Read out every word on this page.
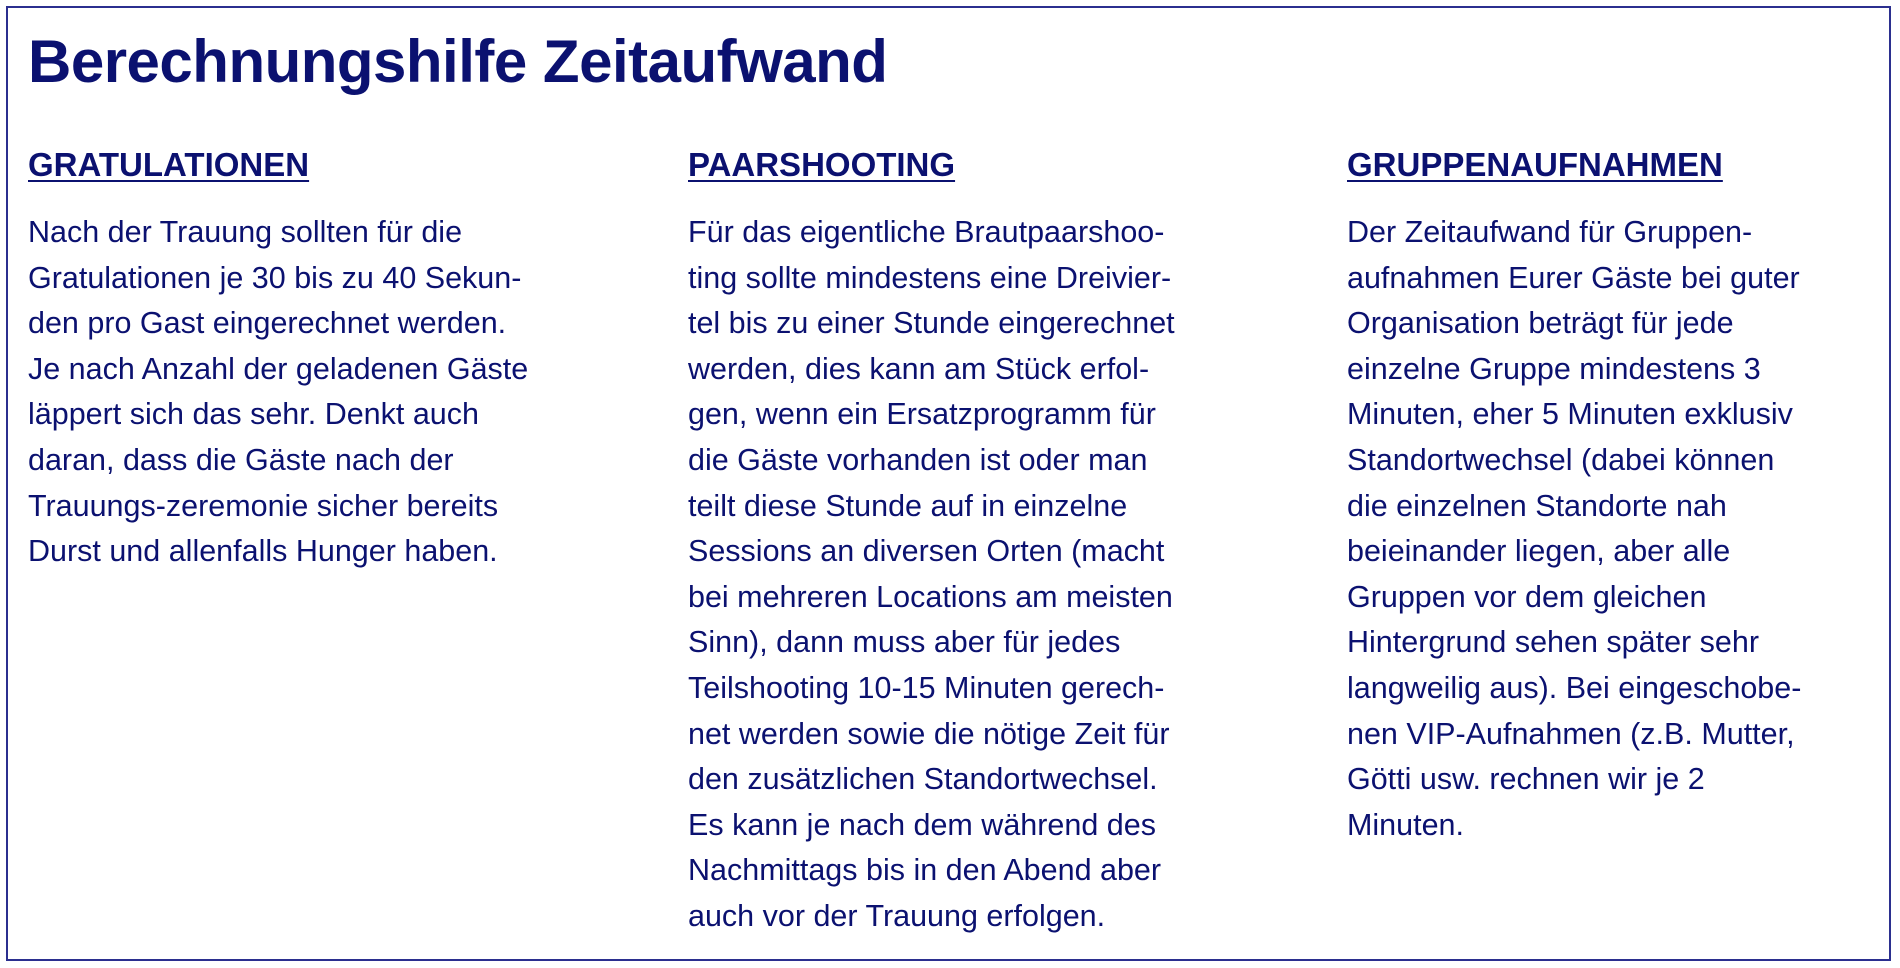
Berechnungshilfe Zeitaufwand
GRATULATIONEN
Nach der Trauung sollten für die
Gratulationen je 30 bis zu 40 Sekun-
den pro Gast eingerechnet werden.
Je nach Anzahl der geladenen Gäste
läppert sich das sehr. Denkt auch
daran, dass die Gäste nach der
Trauungs-zeremonie sicher bereits
Durst und allenfalls Hunger haben.
PAARSHOOTING
Für das eigentliche Brautpaarshoo-
ting sollte mindestens eine Dreivier-
tel bis zu einer Stunde eingerechnet
werden, dies kann am Stück erfol-
gen, wenn ein Ersatzprogramm für
die Gäste vorhanden ist oder man
teilt diese Stunde auf in einzelne
Sessions an diversen Orten (macht
bei mehreren Locations am meisten
Sinn), dann muss aber für jedes
Teilshooting 10-15 Minuten gerech-
net werden sowie die nötige Zeit für
den zusätzlichen Standortwechsel.
Es kann je nach dem während des
Nachmittags bis in den Abend aber
auch vor der Trauung erfolgen.
GRUPPENAUFNAHMEN
Der Zeitaufwand für Gruppen-
aufnahmen Eurer Gäste bei guter
Organisation beträgt für jede
einzelne Gruppe mindestens 3
Minuten, eher 5 Minuten exklusiv
Standortwechsel (dabei können
die einzelnen Standorte nah
beieinander liegen, aber alle
Gruppen vor dem gleichen
Hintergrund sehen später sehr
langweilig aus). Bei eingeschobe-
nen VIP-Aufnahmen (z.B. Mutter,
Götti usw. rechnen wir je 2
Minuten.
